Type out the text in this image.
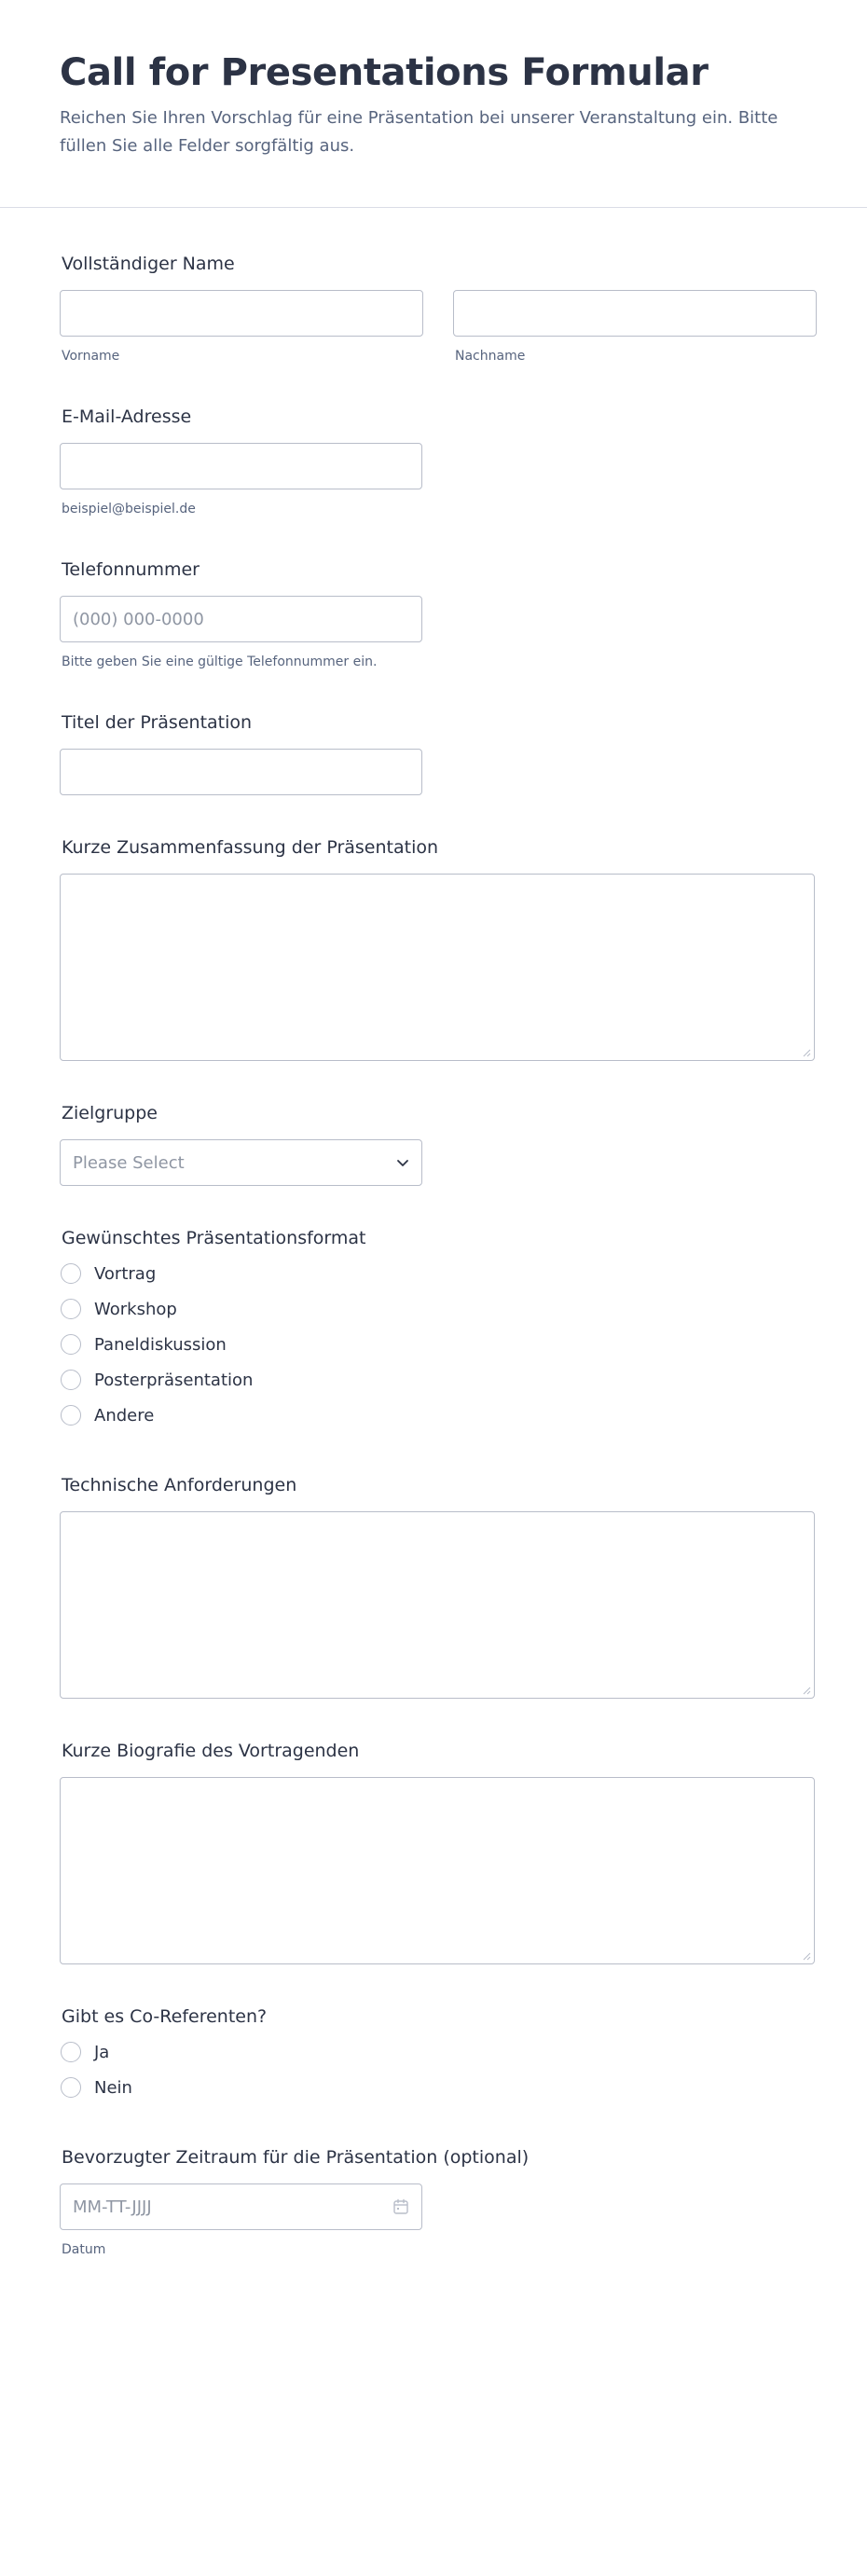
Call for Presentations Formular
Reichen Sie Ihren Vorschlag für eine Präsentation bei unserer Veranstaltung ein. Bitte füllen Sie alle Felder sorgfältig aus.
Vollständiger Name
Vorname	Nachname
E-Mail-Adresse
beispiel@beispiel.de
Telefonnummer
(000) 000-0000
Bitte geben Sie eine gültige Telefonnummer ein.
Titel der Präsentation
Kurze Zusammenfassung der Präsentation
Zielgruppe
Please Select
Gewünschtes Präsentationsformat
Vortrag
Workshop
Paneldiskussion
Posterpräsentation
Andere
Technische Anforderungen
Kurze Biografie des Vortragenden
Gibt es Co-Referenten?
Ja
Nein
Bevorzugter Zeitraum für die Präsentation (optional)
MM-TT-JJJJ
Datum
